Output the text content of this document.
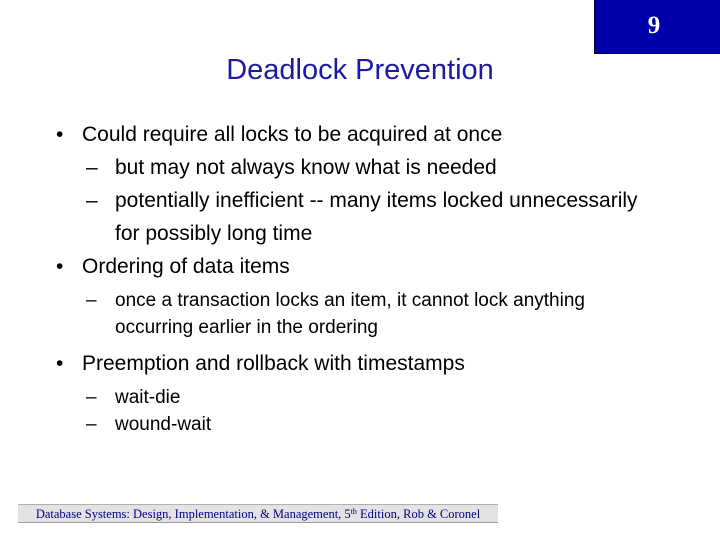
9
Deadlock Prevention
• Could require all locks to be acquired at once
– but may not always know what is needed
– potentially inefficient -- many items locked unnecessarily for possibly long time
• Ordering of data items
– once a transaction locks an item, it cannot lock anything occurring earlier in the ordering
• Preemption and rollback with timestamps
– wait-die
– wound-wait
Database Systems: Design, Implementation, & Management, 5th Edition, Rob & Coronel
